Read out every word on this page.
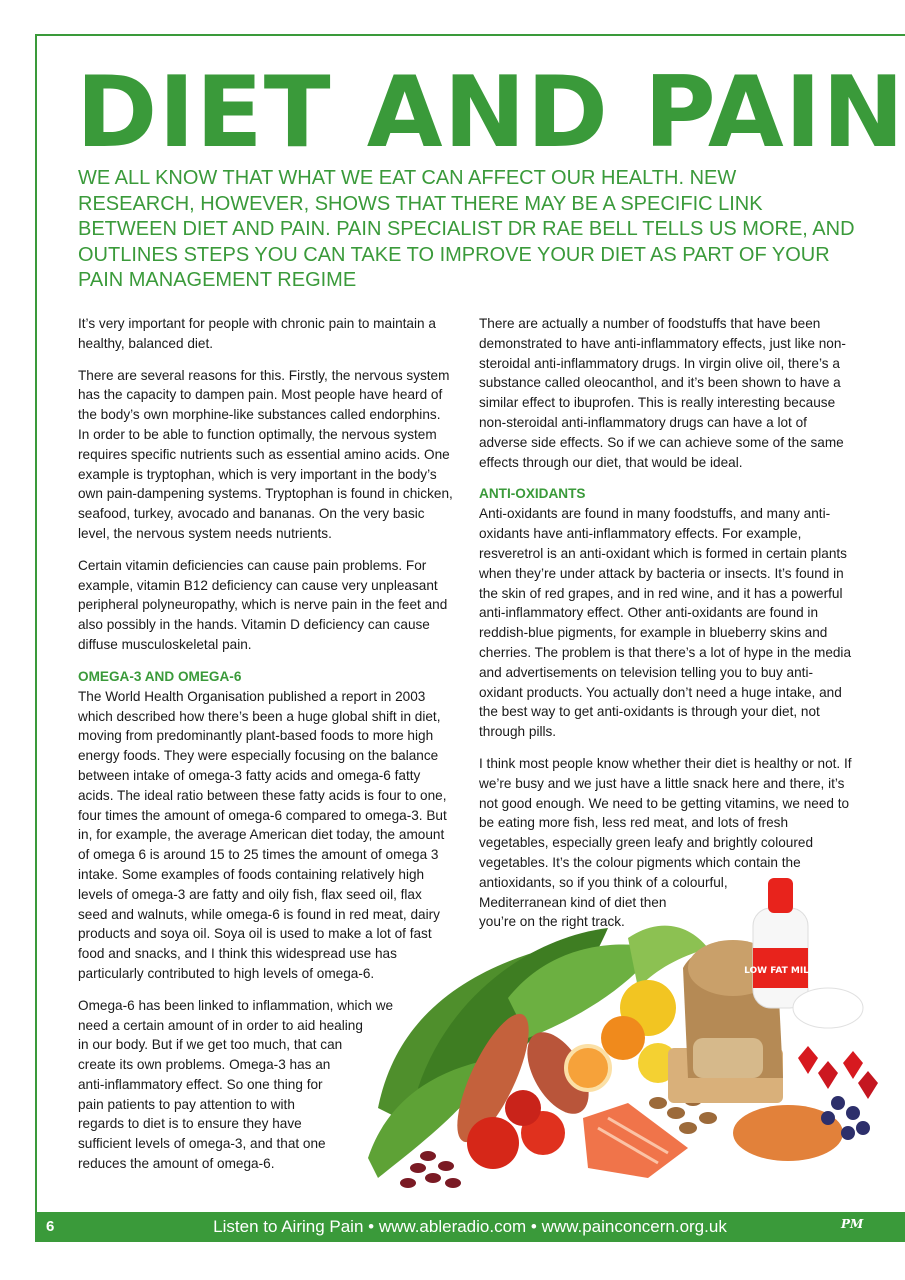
DIET AND PAIN

WE ALL KNOW THAT WHAT WE EAT CAN AFFECT OUR HEALTH. NEW RESEARCH, HOWEVER, SHOWS THAT THERE MAY BE A SPECIFIC LINK BETWEEN DIET AND PAIN. PAIN SPECIALIST DR RAE BELL TELLS US MORE, AND OUTLINES STEPS YOU CAN TAKE TO IMPROVE YOUR DIET AS PART OF YOUR PAIN MANAGEMENT REGIME

It’s very important for people with chronic pain to maintain a healthy, balanced diet.

There are several reasons for this. Firstly, the nervous system has the capacity to dampen pain. Most people have heard of the body’s own morphine-like substances called endorphins. In order to be able to function optimally, the nervous system requires specific nutrients such as essential amino acids. One example is tryptophan, which is very important in the body’s own pain-dampening systems. Tryptophan is found in chicken, seafood, turkey, avocado and bananas. On the very basic level, the nervous system needs nutrients.

Certain vitamin deficiencies can cause pain problems. For example, vitamin B12 deficiency can cause very unpleasant peripheral polyneuropathy, which is nerve pain in the feet and also possibly in the hands. Vitamin D deficiency can cause diffuse musculoskeletal pain.

OMEGA-3 AND OMEGA-6

The World Health Organisation published a report in 2003 which described how there’s been a huge global shift in diet, moving from predominantly plant-based foods to more high energy foods. They were especially focusing on the balance between intake of omega-3 fatty acids and omega-6 fatty acids. The ideal ratio between these fatty acids is four to one, four times the amount of omega-6 compared to omega-3. But in, for example, the average American diet today, the amount of omega 6 is around 15 to 25 times the amount of omega 3 intake. Some examples of foods containing relatively high levels of omega-3 are fatty and oily fish, flax seed oil, flax seed and walnuts, while omega-6 is found in red meat, dairy products and soya oil. Soya oil is used to make a lot of fast food and snacks, and I think this widespread use has particularly contributed to high levels of omega-6.

Omega-6 has been linked to inflammation, which we
need a certain amount of in order to aid healing
in our body. But if we get too much, that can
create its own problems. Omega-3 has an
anti-inflammatory effect. So one thing for
pain patients to pay attention to with
regards to diet is to ensure they have
sufficient levels of omega-3, and that one
reduces the amount of omega-6.

There are actually a number of foodstuffs that have been demonstrated to have anti-inflammatory effects, just like non-steroidal anti-inflammatory drugs. In virgin olive oil, there’s a substance called oleocanthol, and it’s been shown to have a similar effect to ibuprofen. This is really interesting because non-steroidal anti-inflammatory drugs can have a lot of adverse side effects. So if we can achieve some of the same effects through our diet, that would be ideal.

ANTI-OXIDANTS

Anti-oxidants are found in many foodstuffs, and many anti-oxidants have anti-inflammatory effects. For example, resveretrol is an anti-oxidant which is formed in certain plants when they’re under attack by bacteria or insects. It’s found in the skin of red grapes, and in red wine, and it has a powerful anti-inflammatory effect. Other anti-oxidants are found in reddish-blue pigments, for example in blueberry skins and cherries. The problem is that there’s a lot of hype in the media and advertisements on television telling you to buy anti-oxidant products. You actually don’t need a huge intake, and the best way to get anti-oxidants is through your diet, not through pills.

I think most people know whether their diet is healthy or not. If we’re busy and we just have a little snack here and there, it’s not good enough. We need to be getting vitamins, we need to be eating more fish, less red meat, and lots of fresh vegetables, especially green leafy and brightly coloured vegetables. It’s the colour pigments which contain the
antioxidants, so if you think of a colourful,
Mediterranean kind of diet then
you’re on the right track.

LOW FAT MILK
6	Listen to Airing Pain • www.ableradio.com • www.painconcern.org.uk	PM
